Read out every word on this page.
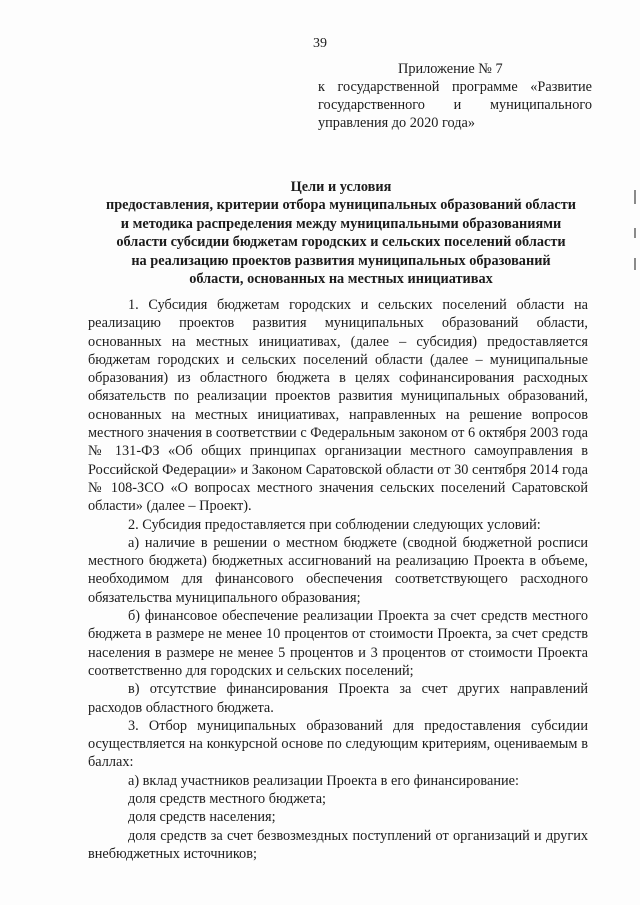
39
Приложение № 7
к государственной программе «Развитие государственного и муниципального управления до 2020 года»
Цели и условия
предоставления, критерии отбора муниципальных образований области
и методика распределения между муниципальными образованиями
области субсидии бюджетам городских и сельских поселений области
на реализацию проектов развития муниципальных образований
области, основанных на местных инициативах

1. Субсидия бюджетам городских и сельских поселений области на реализацию проектов развития муниципальных образований области, основанных на местных инициативах, (далее – субсидия) предоставляется бюджетам городских и сельских поселений области (далее – муниципальные образования) из областного бюджета в целях софинансирования расходных обязательств по реализации проектов развития муниципальных образований, основанных на местных инициативах, направленных на решение вопросов местного значения в соответствии с Федеральным законом от 6 октября 2003 года № 131-ФЗ «Об общих принципах организации местного самоуправления в Российской Федерации» и Законом Саратовской области от 30 сентября 2014 года № 108-ЗСО «О вопросах местного значения сельских поселений Саратовской области» (далее – Проект).

2. Субсидия предоставляется при соблюдении следующих условий:

а) наличие в решении о местном бюджете (сводной бюджетной росписи местного бюджета) бюджетных ассигнований на реализацию Проекта в объеме, необходимом для финансового обеспечения соответствующего расходного обязательства муниципального образования;

б) финансовое обеспечение реализации Проекта за счет средств местного бюджета в размере не менее 10 процентов от стоимости Проекта, за счет средств населения в размере не менее 5 процентов и 3 процентов от стоимости Проекта соответственно для городских и сельских поселений;

в) отсутствие финансирования Проекта за счет других направлений расходов областного бюджета.

3. Отбор муниципальных образований для предоставления субсидии осуществляется на конкурсной основе по следующим критериям, оцениваемым в баллах:

а) вклад участников реализации Проекта в его финансирование:

доля средств местного бюджета;

доля средств населения;

доля средств за счет безвозмездных поступлений от организаций и других внебюджетных источников;
